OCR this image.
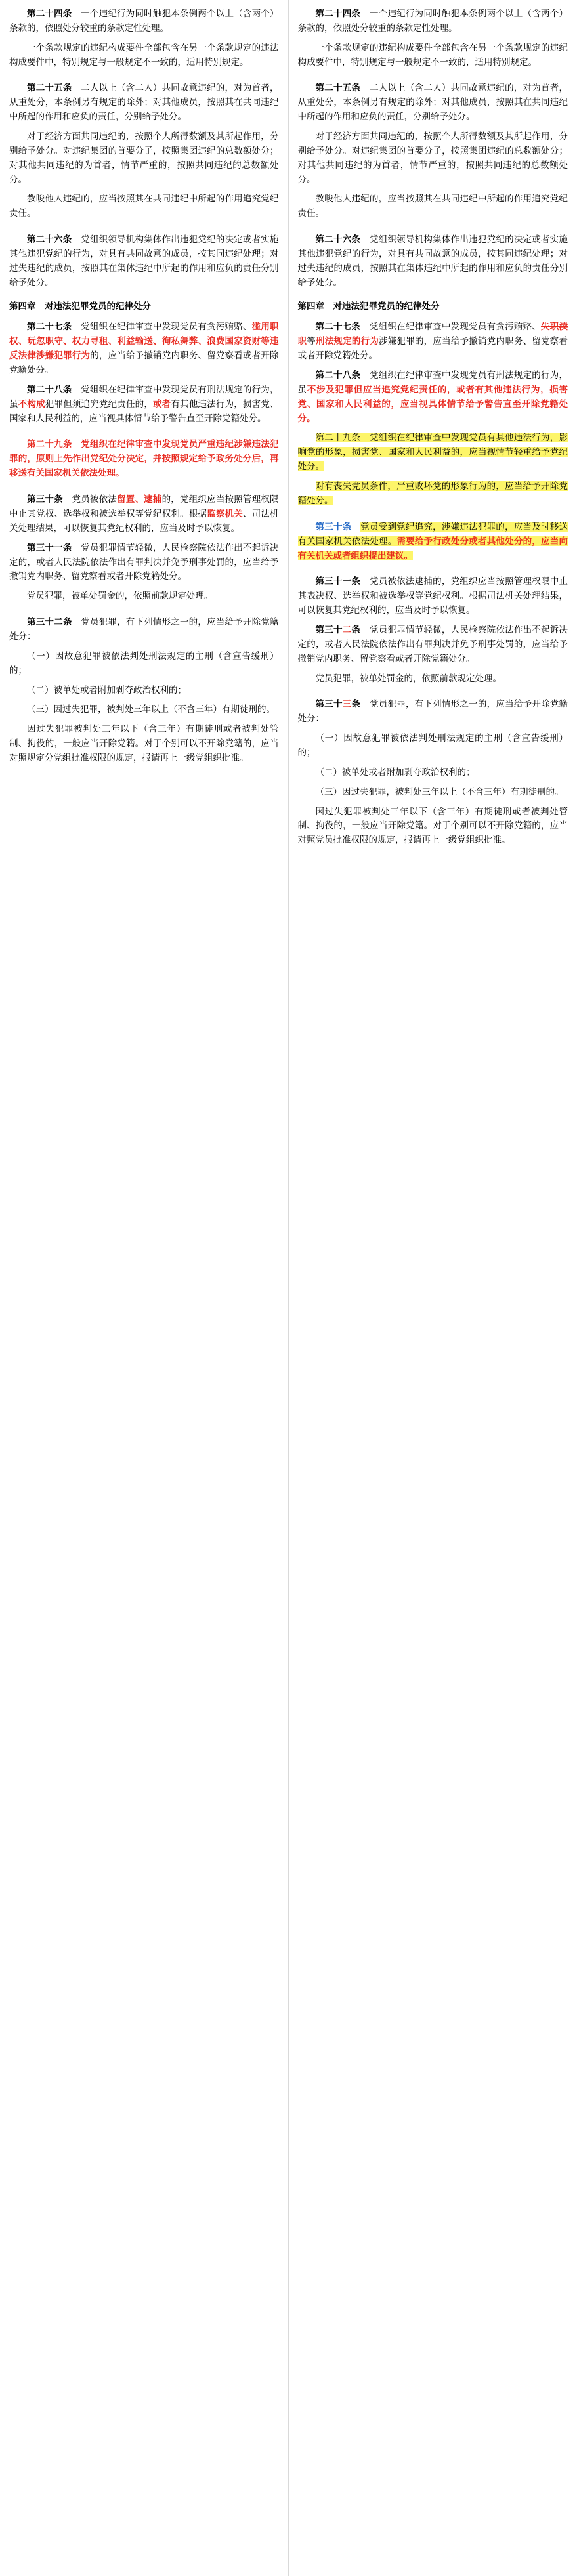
第二十四条　一个违纪行为同时触犯本条例两个以上（含两个）条款的，依照处分较重的条款定性处理。

一个条款规定的违纪构成要件全部包含在另一个条款规定的违法构成要件中，特别规定与一般规定不一致的，适用特别规定。

第二十五条　二人以上（含二人）共同故意违纪的，对为首者，从重处分，本条例另有规定的除外；对其他成员，按照其在共同违纪中所起的作用和应负的责任，分别给予处分。

对于经济方面共同违纪的，按照个人所得数额及其所起作用，分别给予处分。对违纪集团的首要分子，按照集团违纪的总数额处分；对其他共同违纪的为首者，情节严重的，按照共同违纪的总数额处分。

教唆他人违纪的，应当按照其在共同违纪中所起的作用追究党纪责任。

第二十六条　党组织领导机构集体作出违犯党纪的决定或者实施其他违犯党纪的行为，对具有共同故意的成员，按其同违纪处理；对过失违纪的成员，按照其在集体违纪中所起的作用和应负的责任分别给予处分。

第四章　对违法犯罪党员的纪律处分

第二十七条　党组织在纪律审查中发现党员有贪污贿赂、滥用职权、玩忽职守、权力寻租、利益输送、徇私舞弊、浪费国家资财等违反法律涉嫌犯罪行为的，应当给予撤销党内职务、留党察看或者开除党籍处分。

第二十八条　党组织在纪律审查中发现党员有刑法规定的行为，虽不构成犯罪但须追究党纪责任的，或者有其他违法行为，损害党、国家和人民利益的，应当视具体情节给予警告直至开除党籍处分。

第二十九条　 党组织在纪律审查中发现党员严重违纪涉嫌违法犯罪的，原则上先作出党纪处分决定，并按照规定给予政务处分后，再移送有关国家机关依法处理。

第三十条　党员被依法留置、逮捕的，党组织应当按照管理权限中止其党权、选举权和被选举权等党纪权利。根据监察机关、司法机关处理结果，可以恢复其党纪权利的，应当及时予以恢复。

第三十一条　党员犯罪情节轻微，人民检察院依法作出不起诉决定的，或者人民法院依法作出有罪判决并免予刑事处罚的，应当给予撤销党内职务、留党察看或者开除党籍处分。

党员犯罪，被单处罚金的，依照前款规定处理。

第三十二条　党员犯罪，有下列情形之一的，应当给予开除党籍处分：

（一）因故意犯罪被依法判处刑法规定的主刑（含宣告缓刑）的；

（二）被单处或者附加剥夺政治权利的；

（三）因过失犯罪，被判处三年以上（不含三年）有期徒刑的。

因过失犯罪被判处三年以下（含三年）有期徒刑或者被判处管制、拘役的，一般应当开除党籍。对于个别可以不开除党籍的，应当对照规定分党组批准权限的规定，报请再上一级党组织批准。

第二十四条　一个违纪行为同时触犯本条例两个以上（含两个）条款的，依照处分较重的条款定性处理。

一个条款规定的违纪构成要件全部包含在另一个条款规定的违纪构成要件中，特别规定与一般规定不一致的，适用特别规定。

第二十五条　二人以上（含二人）共同故意违纪的，对为首者，从重处分，本条例另有规定的除外；对其他成员，按照其在共同违纪中所起的作用和应负的责任，分别给予处分。

对于经济方面共同违纪的，按照个人所得数额及其所起作用，分别给予处分。对违纪集团的首要分子，按照集团违纪的总数额处分；对其他共同违纪的为首者，情节严重的，按照共同违纪的总数额处分。

教唆他人违纪的，应当按照其在共同违纪中所起的作用追究党纪责任。

第二十六条　党组织领导机构集体作出违犯党纪的决定或者实施其他违犯党纪的行为，对具有共同故意的成员，按其同违纪处理；对过失违纪的成员，按照其在集体违纪中所起的作用和应负的责任分别给予处分。

第四章　对违法犯罪党员的纪律处分

第二十七条　党组织在纪律审查中发现党员有贪污贿赂、失职渎职等刑法规定的行为涉嫌犯罪的，应当给予撤销党内职务、留党察看或者开除党籍处分。

第二十八条　党组织在纪律审查中发现党员有刑法规定的行为，虽不涉及犯罪但应当追究党纪责任的，或者有其他违法行为，损害党、国家和人民利益的，应当视具体情节给予警告直至开除党籍处分。

第二十九条　党组织在纪律审查中发现党员有其他违法行为，影响党的形象，损害党、国家和人民利益的，应当视情节轻重给予党纪处分。

对有丧失党员条件，严重败坏党的形象行为的，应当给予开除党籍处分。

第三十条　 党员受到党纪追究，涉嫌违法犯罪的，应当及时移送有关国家机关依法处理。需要给予行政处分或者其他处分的，应当向有关机关或者组织提出建议。

第三十一条　党员被依法逮捕的，党组织应当按照管理权限中止其表决权、选举权和被选举权等党纪权利。根据司法机关处理结果，可以恢复其党纪权利的，应当及时予以恢复。

第三十二条　党员犯罪情节轻微，人民检察院依法作出不起诉决定的，或者人民法院依法作出有罪判决并免予刑事处罚的，应当给予撤销党内职务、留党察看或者开除党籍处分。

党员犯罪，被单处罚金的，依照前款规定处理。

第三十三条　党员犯罪，有下列情形之一的，应当给予开除党籍处分：

（一）因故意犯罪被依法判处刑法规定的主刑（含宣告缓刑）的；

（二）被单处或者附加剥夺政治权利的；

（三）因过失犯罪，被判处三年以上（不含三年）有期徒刑的。

因过失犯罪被判处三年以下（含三年）有期徒刑或者被判处管制、拘役的，一般应当开除党籍。对于个别可以不开除党籍的，应当对照党员批准权限的规定，报请再上一级党组织批准。
